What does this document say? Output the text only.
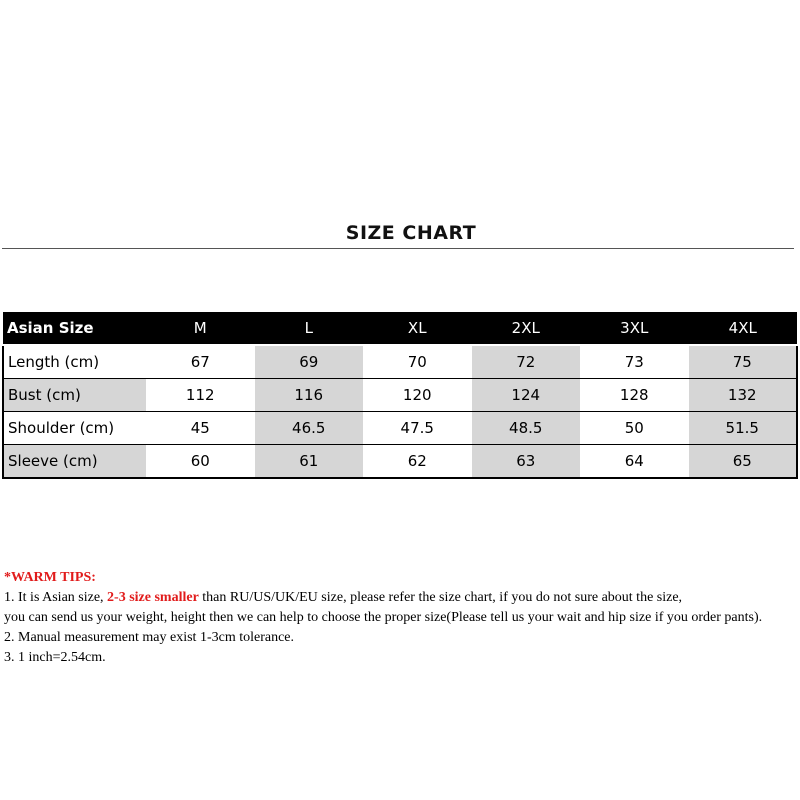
SIZE CHART
Asian Size	M	L	XL	2XL	3XL	4XL
Length (cm)	67	69	70	72	73	75
Bust (cm)	112	116	120	124	128	132
Shoulder (cm)	45	46.5	47.5	48.5	50	51.5
Sleeve (cm)	60	61	62	63	64	65

*WARM TIPS:

1. It is Asian size, 2-3 size smaller than RU/US/UK/EU size, please refer the size chart, if you do not sure about the size,

you can send us your weight, height then we can help to choose the proper size(Please tell us your wait and hip size if you order pants).

2. Manual measurement may exist 1-3cm tolerance.

3. 1 inch=2.54cm.
